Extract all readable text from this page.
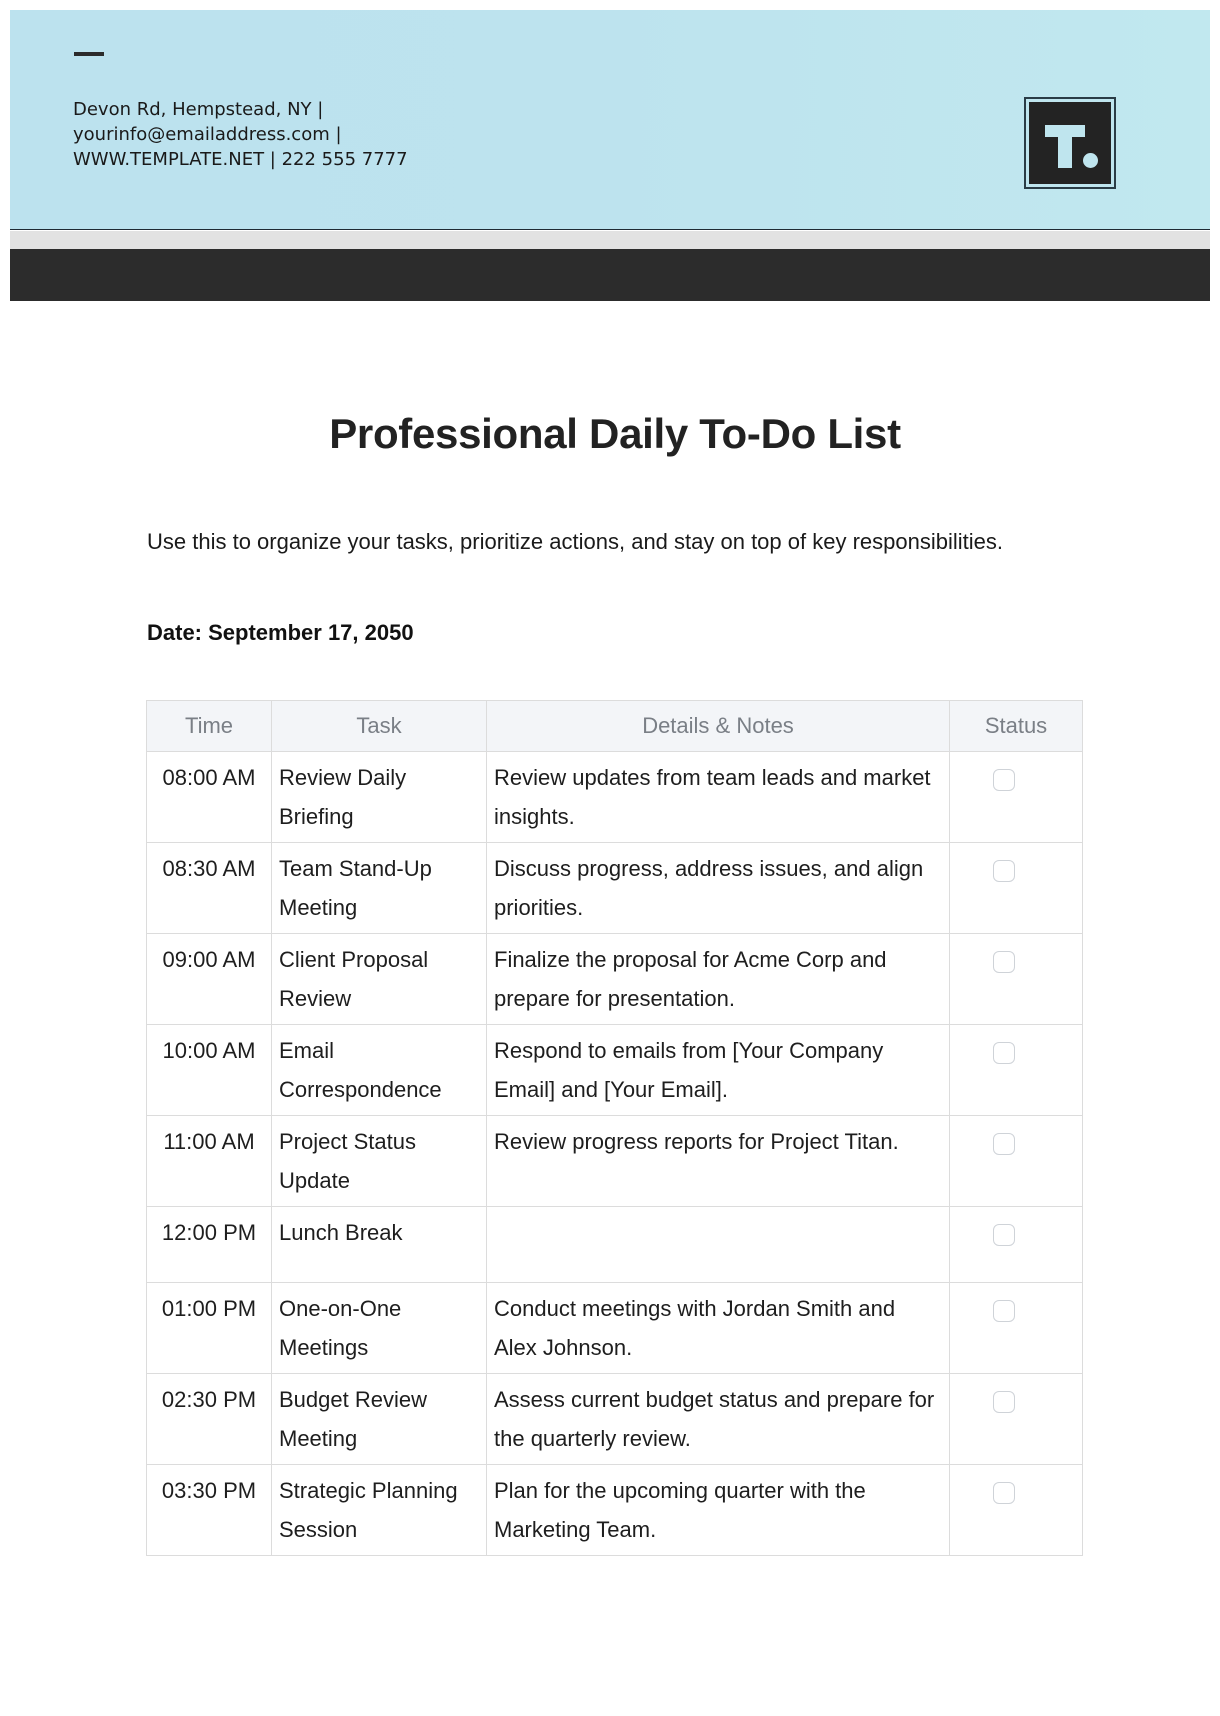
Devon Rd, Hempstead, NY |
yourinfo@emailaddress.com |
WWW.TEMPLATE.NET | 222 555 7777
Professional Daily To-Do List

Use this to organize your tasks, prioritize actions, and stay on top of key responsibilities.

Date: September 17, 2050

Time	Task	Details & Notes	Status
08:00 AM	Review Daily Briefing	Review updates from team leads and market insights.	
08:30 AM	Team Stand-Up Meeting	Discuss progress, address issues, and align priorities.	
09:00 AM	Client Proposal Review	Finalize the proposal for Acme Corp and prepare for presentation.	
10:00 AM	Email Correspondence	Respond to emails from [Your Company Email] and [Your Email].	
11:00 AM	Project Status Update	Review progress reports for Project Titan.	
12:00 PM	Lunch Break		
01:00 PM	One-on-One Meetings	Conduct meetings with Jordan Smith and Alex Johnson.	
02:30 PM	Budget Review Meeting	Assess current budget status and prepare for the quarterly review.	
03:30 PM	Strategic Planning Session	Plan for the upcoming quarter with the Marketing Team.	
